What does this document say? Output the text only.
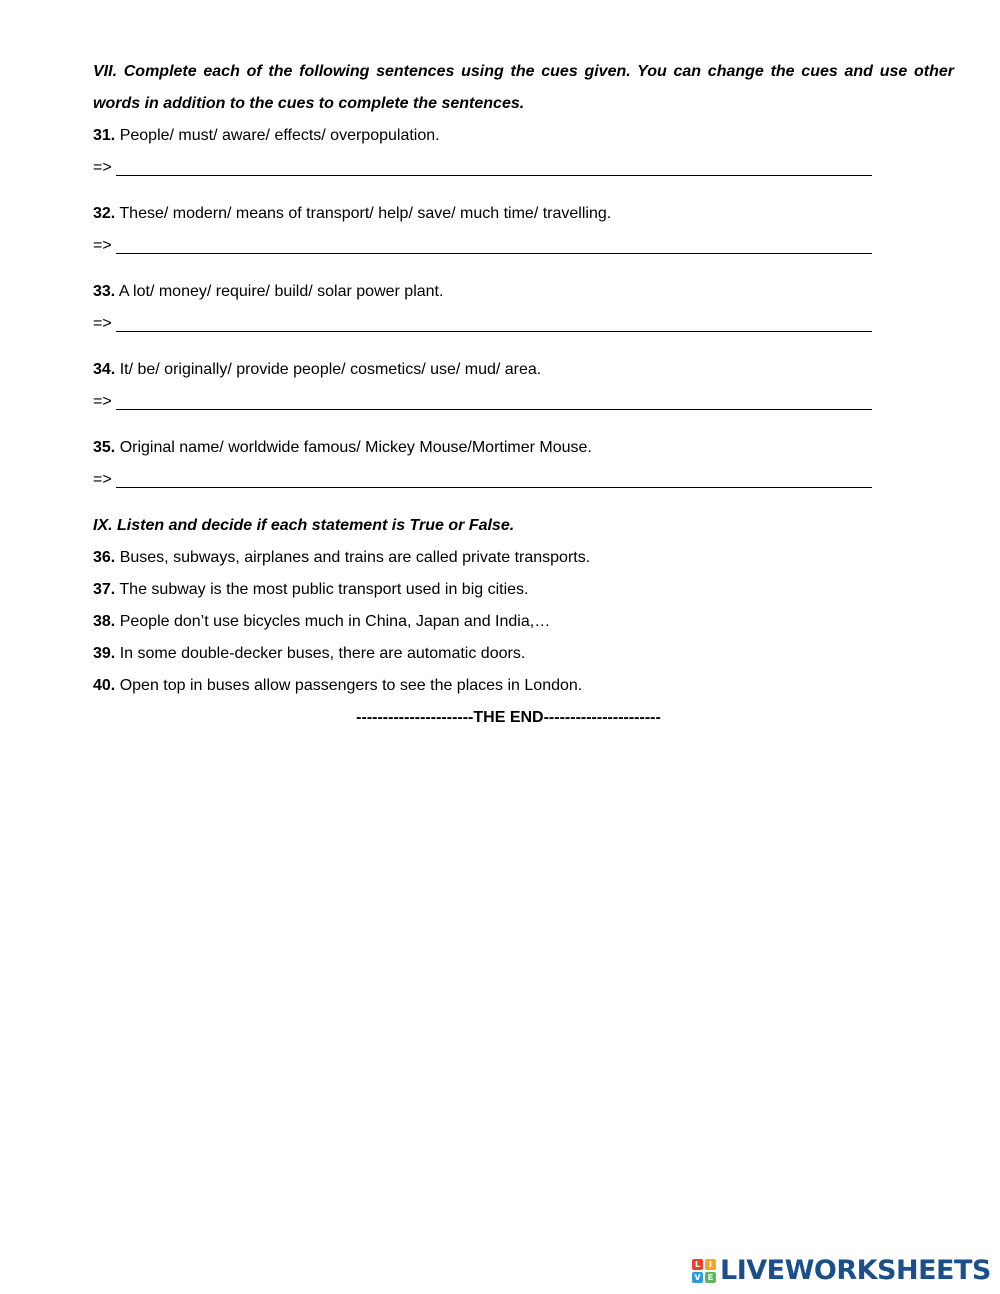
VII. Complete each of the following sentences using the cues given. You can change the cues and use other words in addition to the cues to complete the sentences.

31. People/ must/ aware/ effects/ overpopulation.

=>

32. These/ modern/ means of transport/ help/ save/ much time/ travelling.

=>

33. A lot/ money/ require/ build/ solar power plant.

=>

34. It/ be/ originally/ provide people/ cosmetics/ use/ mud/ area.

=>

35. Original name/ worldwide famous/ Mickey Mouse/Mortimer Mouse.

=>

IX. Listen and decide if each statement is True or False.

36. Buses, subways, airplanes and trains are called private transports.

37. The subway is the most public transport used in big cities.

38. People don’t use bicycles much in China, Japan and India,…

39. In some double-decker buses, there are automatic doors.

40. Open top in buses allow passengers to see the places in London.

----------------------THE END----------------------
L	I
V E LIVEWORKSHEETS
